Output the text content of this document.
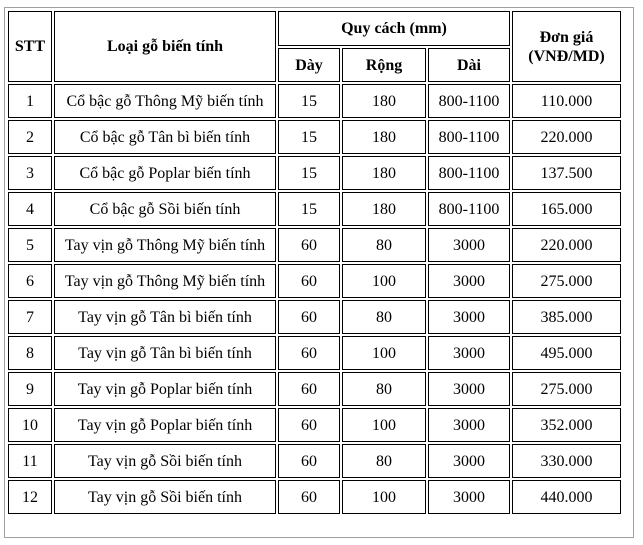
STT	Loại gỗ biến tính	Quy cách (mm)			Đơn giá
(VNĐ/MD)

		Dày	Rộng	Dài	
1	Cổ bậc gỗ Thông Mỹ biến tính	15	180	800-1100	110.000
2	Cổ bậc gỗ Tân bì biến tính	15	180	800-1100	220.000
3	Cổ bậc gỗ Poplar biến tính	15	180	800-1100	137.500
4	Cổ bậc gỗ Sồi biến tính	15	180	800-1100	165.000
5	Tay vịn gỗ Thông Mỹ biến tính	60	80	3000	220.000
6	Tay vịn gỗ Thông Mỹ biến tính	60	100	3000	275.000
7	Tay vịn gỗ Tân bì biến tính	60	80	3000	385.000
8	Tay vịn gỗ Tân bì biến tính	60	100	3000	495.000
9	Tay vịn gỗ Poplar biến tính	60	80	3000	275.000
10	Tay vịn gỗ Poplar biến tính	60	100	3000	352.000
11	Tay vịn gỗ Sồi biến tính	60	80	3000	330.000
12	Tay vịn gỗ Sồi biến tính	60	100	3000	440.000
